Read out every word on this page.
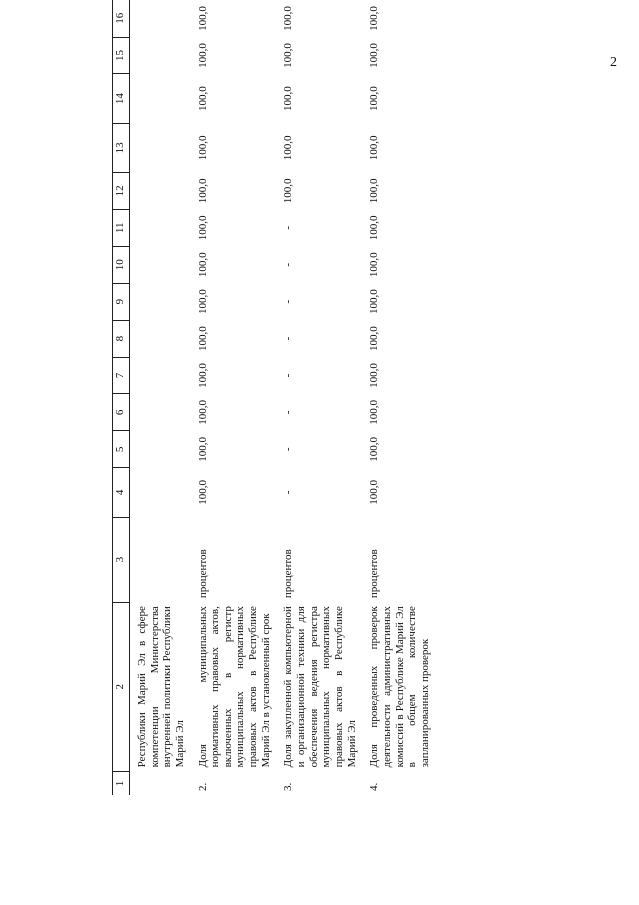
2
1	2	3	4	5	6	7	8	9	10	11	12	13	14	15	16
	Республики Марий Эл в сфере компетенции Министерства внутренней политики Республики Марий Эл														
2.	Доля муниципальных нормативных правовых актов, включенных в регистр муниципальных нормативных правовых актов в Республике Марий Эл в установленный срок	процентов	100,0	100,0	100,0	100,0	100,0	100,0	100,0	100,0	100,0	100,0	100,0	100,0	100,0
3.	Доля закупленной компьютерной и организационной техники для обеспечения ведения регистра муниципальных нормативных правовых актов в Республике Марий Эл	процентов	-	-	-	-	-	-	-	-	100,0	100,0	100,0	100,0	100,0
4.	Доля проведенных проверок деятельности административных комиссий в Республике Марий Эл в общем количестве запланированных проверок	процентов	100,0	100,0	100,0	100,0	100,0	100,0	100,0	100,0	100,0	100,0	100,0	100,0	100,0
